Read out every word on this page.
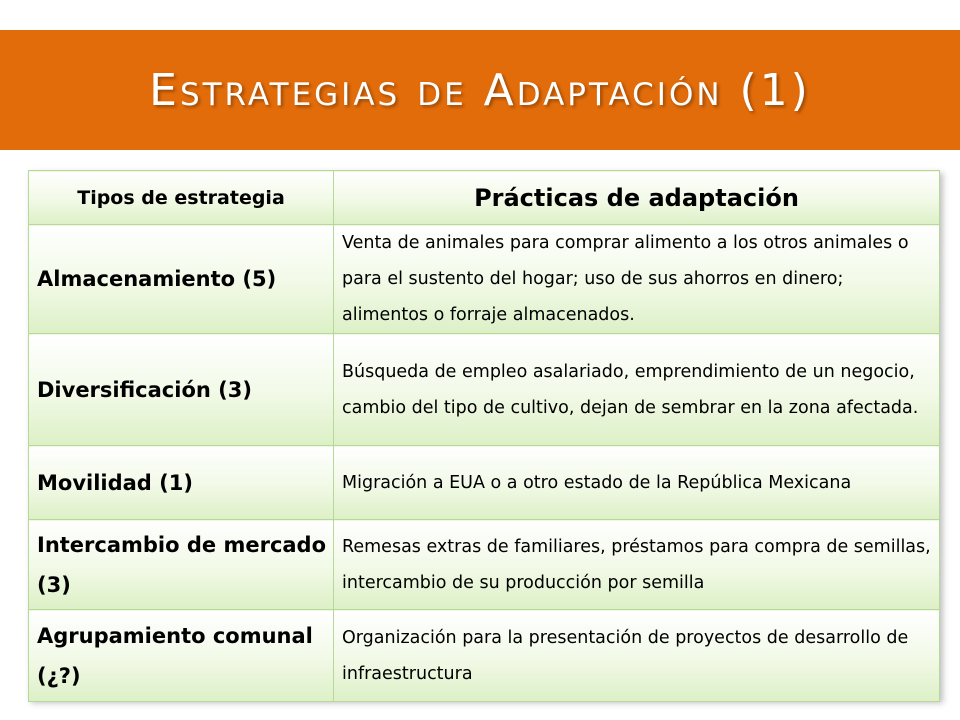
Estrategias de Adaptación (1)
Tipos de estrategia	Prácticas de adaptación
Almacenamiento (5)	Venta de animales para comprar alimento a los otros animales o para el sustento del hogar; uso de sus ahorros en dinero; alimentos o forraje almacenados.
Diversificación (3)	Búsqueda de empleo asalariado, emprendimiento de un negocio, cambio del tipo de cultivo, dejan de sembrar en la zona afectada.
Movilidad (1)	Migración a EUA o a otro estado de la República Mexicana
Intercambio de mercado (3)	Remesas extras de familiares, préstamos para compra de semillas, intercambio de su producción por semilla
Agrupamiento comunal (¿?)	Organización para la presentación de proyectos de desarrollo de infraestructura
